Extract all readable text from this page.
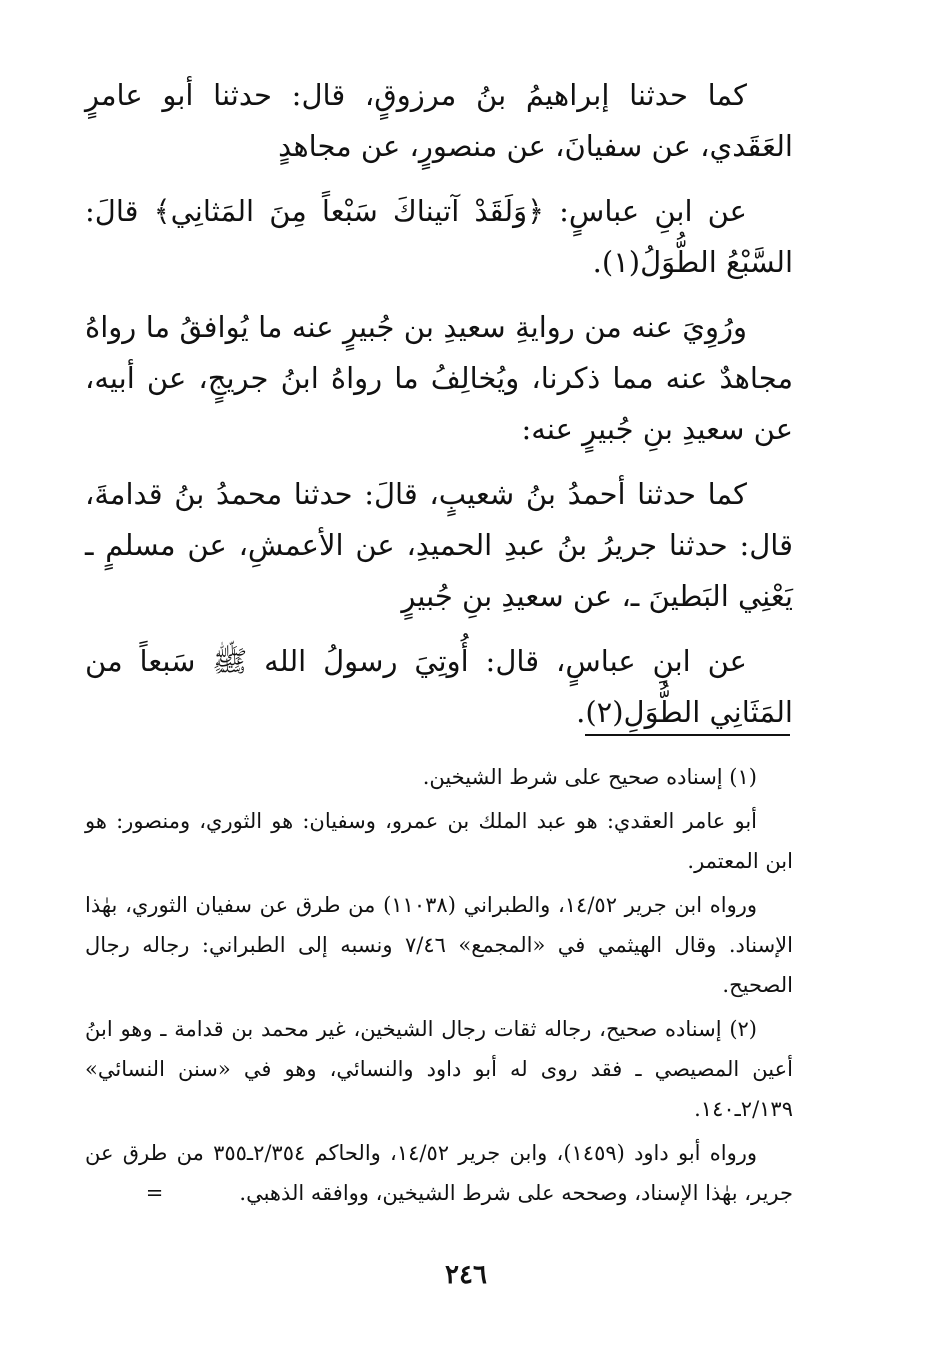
كما حدثنا إبراهيمُ بنُ مرزوقٍ، قال: حدثنا أبو عامرٍ العَقَدي، عن سفيانَ، عن منصورٍ، عن مجاهدٍ

عن ابنِ عباسٍ: ﴿وَلَقَدْ آتيناكَ سَبْعاً مِنَ المَثانِي﴾ قالَ: السَّبْعُ الطُّوَلُ(١).

ورُوِيَ عنه من روايةِ سعيدِ بن جُبيرٍ عنه ما يُوافقُ ما رواهُ مجاهدٌ عنه مما ذكرنا، ويُخالِفُ ما رواهُ ابنُ جريجٍ، عن أبيه، عن سعيدِ بنِ جُبيرٍ عنه:

كما حدثنا أحمدُ بنُ شعيبٍ، قالَ: حدثنا محمدُ بنُ قدامةَ، قال: حدثنا جريرُ بنُ عبدِ الحميدِ، عن الأعمشِ، عن مسلمٍ ـ يَعْنِي البَطينَ ـ، عن سعيدِ بنِ جُبيرٍ

عن ابنِ عباسٍ، قال: أُوتِيَ رسولُ الله ﷺ سَبعاً من المَثَانِي الطُّوَلِ(٢).

(١) إسناده صحيح على شرط الشيخين.

أبو عامر العقدي: هو عبد الملك بن عمرو، وسفيان: هو الثوري، ومنصور: هو ابن المعتمر.

ورواه ابن جرير ١٤/٥٢، والطبراني (١١٠٣٨) من طرق عن سفيان الثوري، بهٰذا الإسناد. وقال الهيثمي في «المجمع» ٧/٤٦ ونسبه إلى الطبراني: رجاله رجال الصحيح.

(٢) إسناده صحيح، رجاله ثقات رجال الشيخين، غير محمد بن قدامة ـ وهو ابنُ أعين المصيصي ـ فقد روى له أبو داود والنسائي، وهو في «سنن النسائي» ٢/١٣٩ـ١٤٠.

ورواه أبو داود (١٤٥٩)، وابن جرير ١٤/٥٢، والحاكم ٢/٣٥٤ـ٣٥٥ من طرق عن جرير، بهٰذا الإسناد، وصححه على شرط الشيخين، ووافقه الذهبي.=

٢٤٦
